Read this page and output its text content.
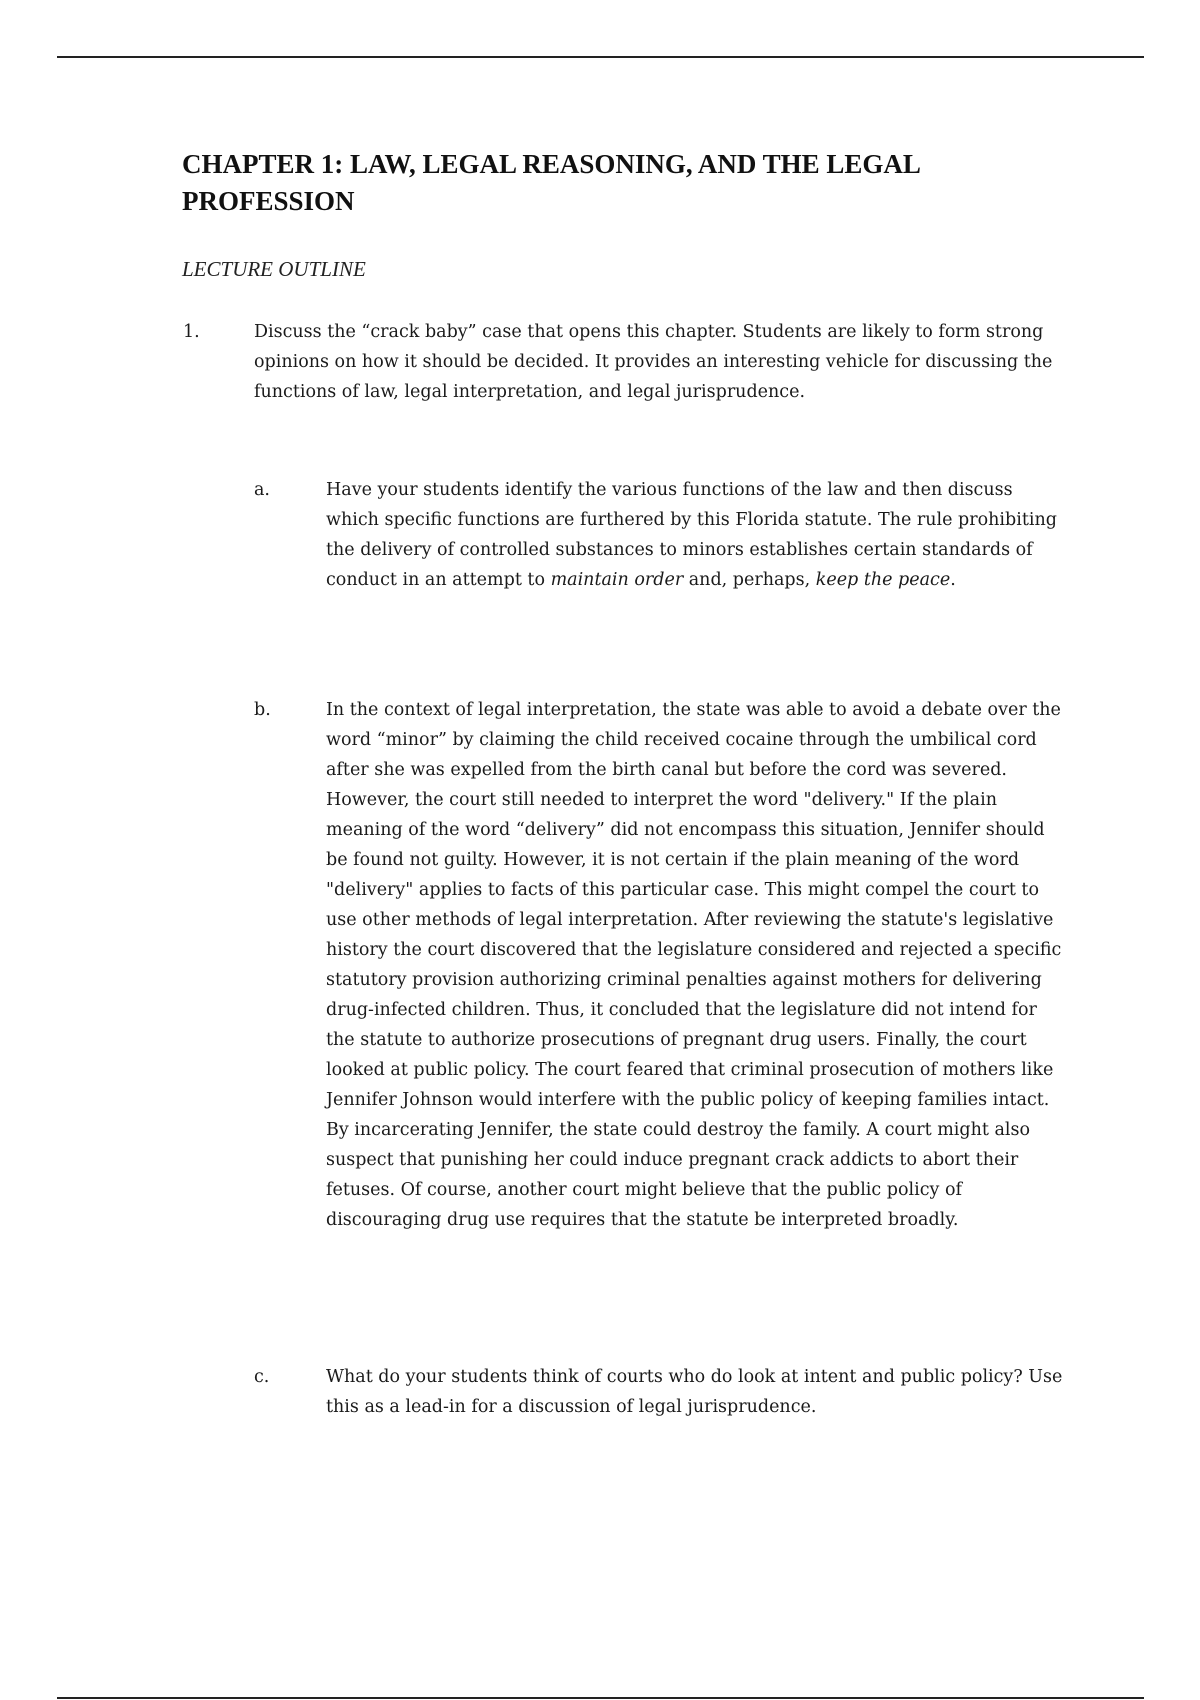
CHAPTER 1: LAW, LEGAL REASONING, AND THE LEGAL PROFESSION

LECTURE OUTLINE

1.	Discuss the “crack baby” case that opens this chapter. Students are likely to form strong opinions on how it should be decided. It provides an interesting vehicle for discussing the functions of law, legal interpretation, and legal jurisprudence.

a.	Have your students identify the various functions of the law and then discuss which specific functions are furthered by this Florida statute. The rule prohibiting the delivery of controlled substances to minors establishes certain standards of conduct in an attempt to maintain order and, perhaps, keep the peace.

b.	In the context of legal interpretation, the state was able to avoid a debate over the word “minor” by claiming the child received cocaine through the umbilical cord after she was expelled from the birth canal but before the cord was severed. However, the court still needed to interpret the word "delivery." If the plain meaning of the word “delivery” did not encompass this situation, Jennifer should be found not guilty. However, it is not certain if the plain meaning of the word "delivery" applies to facts of this particular case. This might compel the court to use other methods of legal interpretation. After reviewing the statute's legislative history the court discovered that the legislature considered and rejected a specific statutory provision authorizing criminal penalties against mothers for delivering drug-infected children. Thus, it concluded that the legislature did not intend for the statute to authorize prosecutions of pregnant drug users. Finally, the court looked at public policy. The court feared that criminal prosecution of mothers like Jennifer Johnson would interfere with the public policy of keeping families intact. By incarcerating Jennifer, the state could destroy the family. A court might also suspect that punishing her could induce pregnant crack addicts to abort their fetuses. Of course, another court might believe that the public policy of discouraging drug use requires that the statute be interpreted broadly.

c.	What do your students think of courts who do look at intent and public policy? Use this as a lead-in for a discussion of legal jurisprudence.
